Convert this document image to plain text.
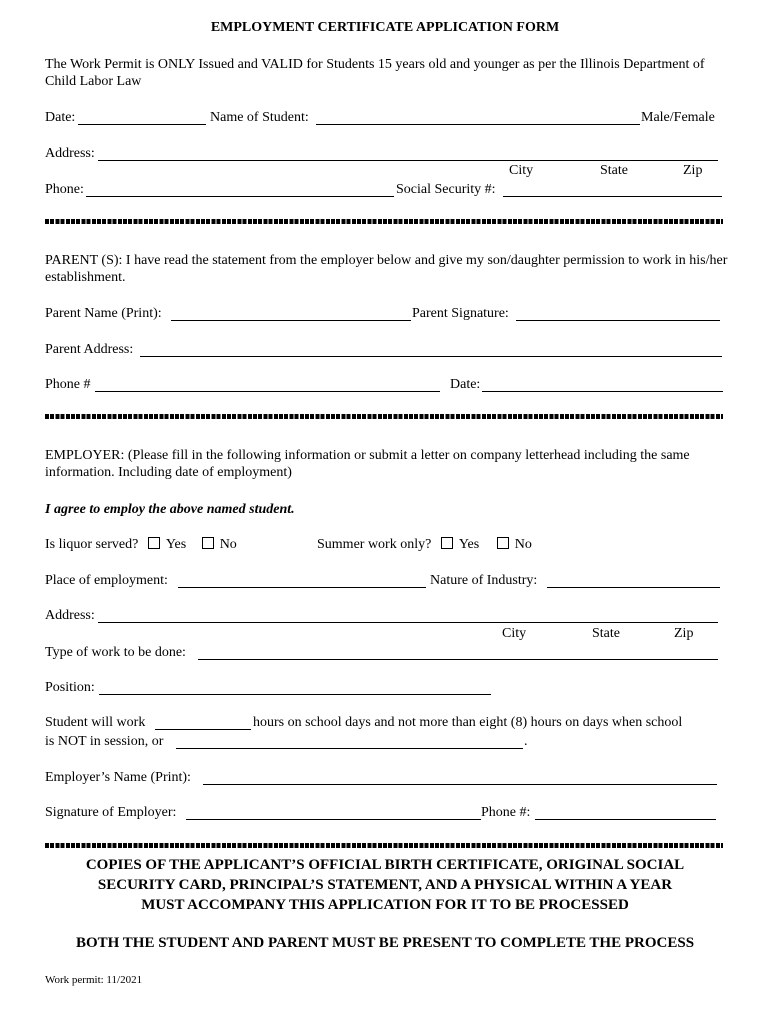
EMPLOYMENT CERTIFICATE APPLICATION FORM
The Work Permit is ONLY Issued and VALID for Students 15 years old and younger as per the Illinois Department of Child Labor Law
Date:	Name of Student:	Male/Female
Address:
City	State	Zip
Phone:	Social Security #:
PARENT (S): I have read the statement from the employer below and give my son/daughter permission to work in his/her establishment.
Parent Name (Print):	Parent Signature:
Parent Address:
Phone #	Date:
EMPLOYER: (Please fill in the following information or submit a letter on company letterhead including the same information. Including date of employment)
I agree to employ the above named student.
Is liquor served? Yes No	Summer work only? Yes	No
Place of employment:	Nature of Industry:
Address:
City	State	Zip
Type of work to be done:
Position:
Student will work	hours on school days and not more than eight (8) hours on days when school
is NOT in session, or	.
Employer’s Name (Print):
Signature of Employer:	Phone #:
COPIES OF THE APPLICANT’S OFFICIAL BIRTH CERTIFICATE, ORIGINAL SOCIAL
SECURITY CARD, PRINCIPAL’S STATEMENT, AND A PHYSICAL WITHIN A YEAR
MUST ACCOMPANY THIS APPLICATION FOR IT TO BE PROCESSED
BOTH THE STUDENT AND PARENT MUST BE PRESENT TO COMPLETE THE PROCESS
Work permit: 11/2021
